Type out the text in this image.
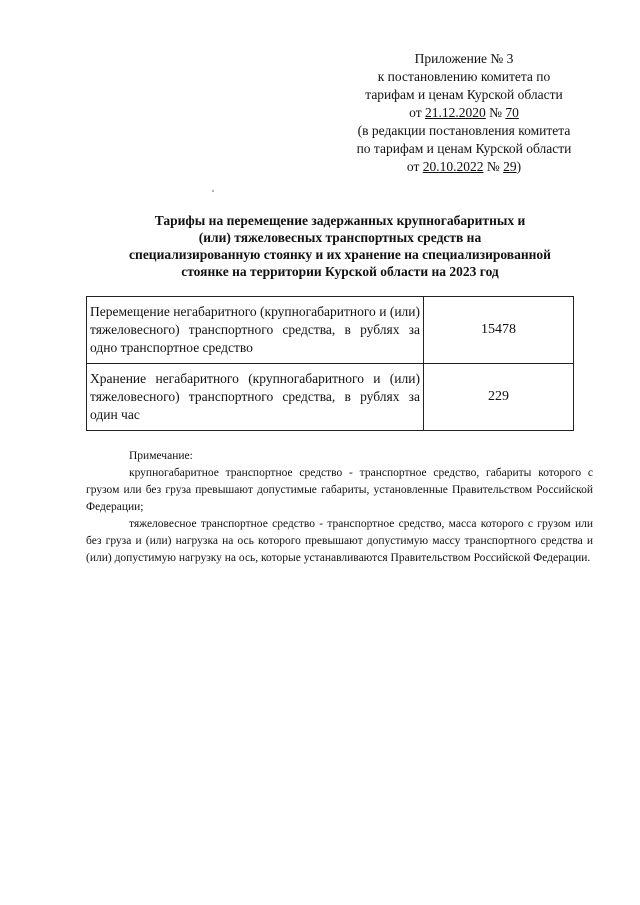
Приложение № 3
к постановлению комитета по
тарифам и ценам Курской области
от 21.12.2020 № 70
(в редакции постановления комитета
по тарифам и ценам Курской области
от 20.10.2022 № 29)
Тарифы на перемещение задержанных крупногабаритных и
(или) тяжеловесных транспортных средств на
специализированную стоянку и их хранение на специализированной
стоянке на территории Курской области на 2023 год
Перемещение негабаритного (крупногабаритного и (или) тяжеловесного) транспортного средства, в рублях за одно транспортное средство	15478
Хранение негабаритного (крупногабаритного и (или) тяжеловесного) транспортного средства, в рублях за один час	229
Примечание:

крупногабаритное транспортное средство - транспортное средство, габариты которого с грузом или без груза превышают допустимые габариты, установленные Правительством Российской Федерации;

тяжеловесное транспортное средство - транспортное средство, масса которого с грузом или без груза и (или) нагрузка на ось которого превышают допустимую массу транспортного средства и (или) допустимую нагрузку на ось, которые устанавливаются Правительством Российской Федерации.
